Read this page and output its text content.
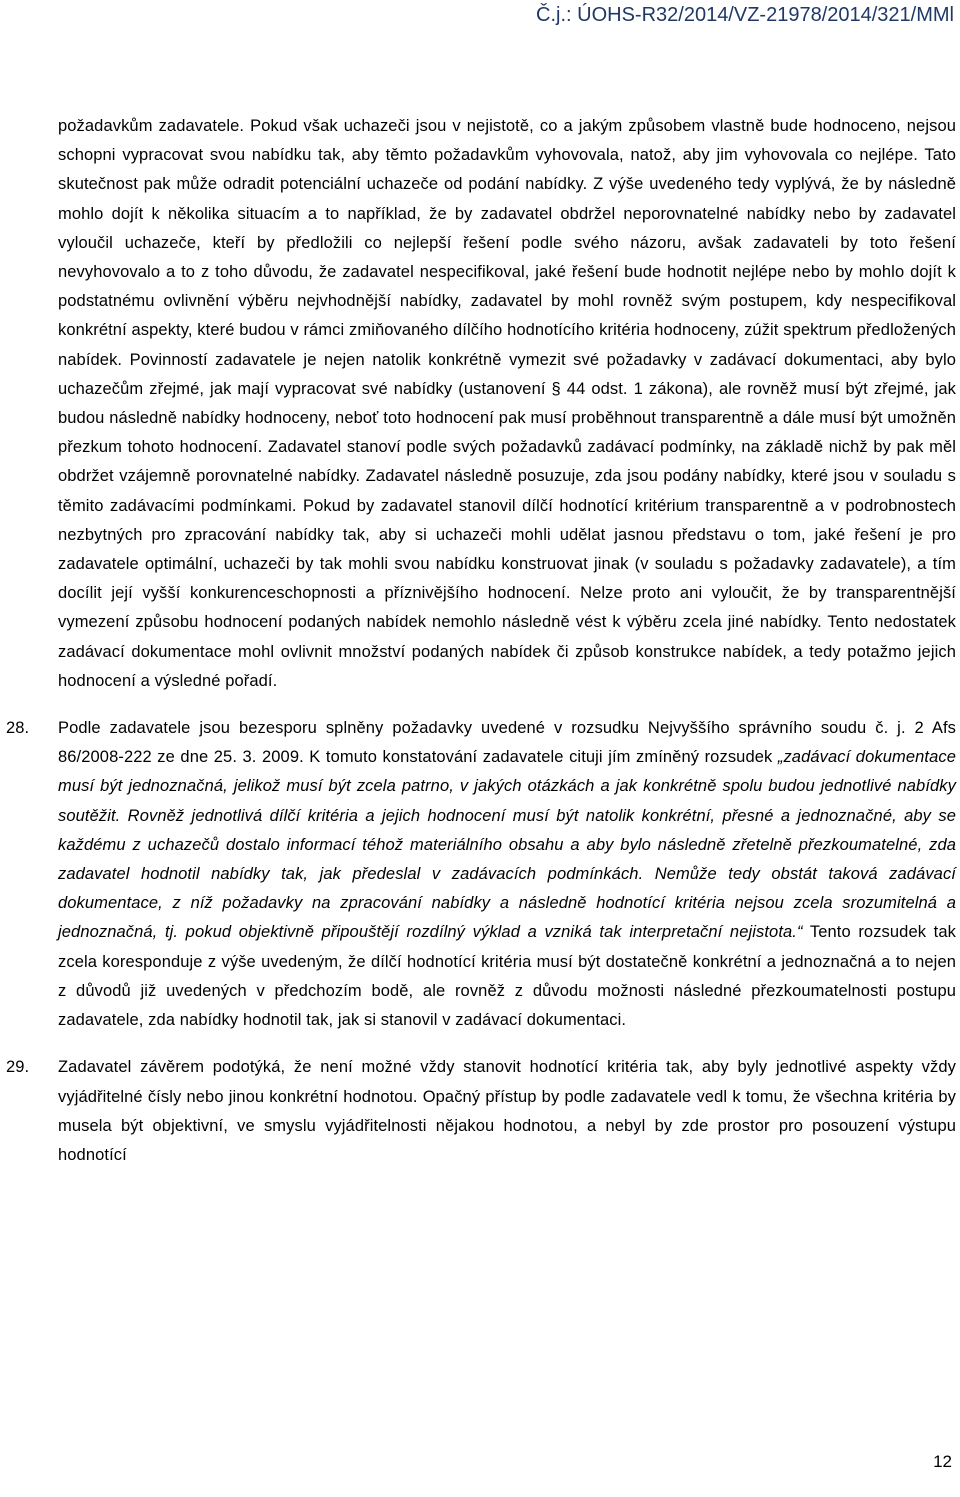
Č.j.: ÚOHS-R32/2014/VZ-21978/2014/321/MMl
požadavkům zadavatele. Pokud však uchazeči jsou v nejistotě, co a jakým způsobem vlastně bude hodnoceno, nejsou schopni vypracovat svou nabídku tak, aby těmto požadavkům vyhovovala, natož, aby jim vyhovovala co nejlépe. Tato skutečnost pak může odradit potenciální uchazeče od podání nabídky. Z výše uvedeného tedy vyplývá, že by následně mohlo dojít k několika situacím a to například, že by zadavatel obdržel neporovnatelné nabídky nebo by zadavatel vyloučil uchazeče, kteří by předložili co nejlepší řešení podle svého názoru, avšak zadavateli by toto řešení nevyhovovalo a to z toho důvodu, že zadavatel nespecifikoval, jaké řešení bude hodnotit nejlépe nebo by mohlo dojít k podstatnému ovlivnění výběru nejvhodnější nabídky, zadavatel by mohl rovněž svým postupem, kdy nespecifikoval konkrétní aspekty, které budou v rámci zmiňovaného dílčího hodnotícího kritéria hodnoceny, zúžit spektrum předložených nabídek. Povinností zadavatele je nejen natolik konkrétně vymezit své požadavky v zadávací dokumentaci, aby bylo uchazečům zřejmé, jak mají vypracovat své nabídky (ustanovení § 44 odst. 1 zákona), ale rovněž musí být zřejmé, jak budou následně nabídky hodnoceny, neboť toto hodnocení pak musí proběhnout transparentně a dále musí být umožněn přezkum tohoto hodnocení. Zadavatel stanoví podle svých požadavků zadávací podmínky, na základě nichž by pak měl obdržet vzájemně porovnatelné nabídky. Zadavatel následně posuzuje, zda jsou podány nabídky, které jsou v souladu s těmito zadávacími podmínkami. Pokud by zadavatel stanovil dílčí hodnotící kritérium transparentně a v podrobnostech nezbytných pro zpracování nabídky tak, aby si uchazeči mohli udělat jasnou představu o tom, jaké řešení je pro zadavatele optimální, uchazeči by tak mohli svou nabídku konstruovat jinak (v souladu s požadavky zadavatele), a tím docílit její vyšší konkurenceschopnosti a příznivějšího hodnocení. Nelze proto ani vyloučit, že by transparentnější vymezení způsobu hodnocení podaných nabídek nemohlo následně vést k výběru zcela jiné nabídky. Tento nedostatek zadávací dokumentace mohl ovlivnit množství podaných nabídek či způsob konstrukce nabídek, a tedy potažmo jejich hodnocení a výsledné pořadí.
28. Podle zadavatele jsou bezesporu splněny požadavky uvedené v rozsudku Nejvyššího správního soudu č. j. 2 Afs 86/2008-222 ze dne 25. 3. 2009. K tomuto konstatování zadavatele cituji jím zmíněný rozsudek „zadávací dokumentace musí být jednoznačná, jelikož musí být zcela patrno, v jakých otázkách a jak konkrétně spolu budou jednotlivé nabídky soutěžit. Rovněž jednotlivá dílčí kritéria a jejich hodnocení musí být natolik konkrétní, přesné a jednoznačné, aby se každému z uchazečů dostalo informací téhož materiálního obsahu a aby bylo následně zřetelně přezkoumatelné, zda zadavatel hodnotil nabídky tak, jak předeslal v zadávacích podmínkách. Nemůže tedy obstát taková zadávací dokumentace, z níž požadavky na zpracování nabídky a následně hodnotící kritéria nejsou zcela srozumitelná a jednoznačná, tj. pokud objektivně připouštějí rozdílný výklad a vzniká tak interpretační nejistota.“ Tento rozsudek tak zcela koresponduje z výše uvedeným, že dílčí hodnotící kritéria musí být dostatečně konkrétní a jednoznačná a to nejen z důvodů již uvedených v předchozím bodě, ale rovněž z důvodu možnosti následné přezkoumatelnosti postupu zadavatele, zda nabídky hodnotil tak, jak si stanovil v zadávací dokumentaci.
29. Zadavatel závěrem podotýká, že není možné vždy stanovit hodnotící kritéria tak, aby byly jednotlivé aspekty vždy vyjádřitelné čísly nebo jinou konkrétní hodnotou. Opačný přístup by podle zadavatele vedl k tomu, že všechna kritéria by musela být objektivní, ve smyslu vyjádřitelnosti nějakou hodnotou, a nebyl by zde prostor pro posouzení výstupu hodnotící
12
